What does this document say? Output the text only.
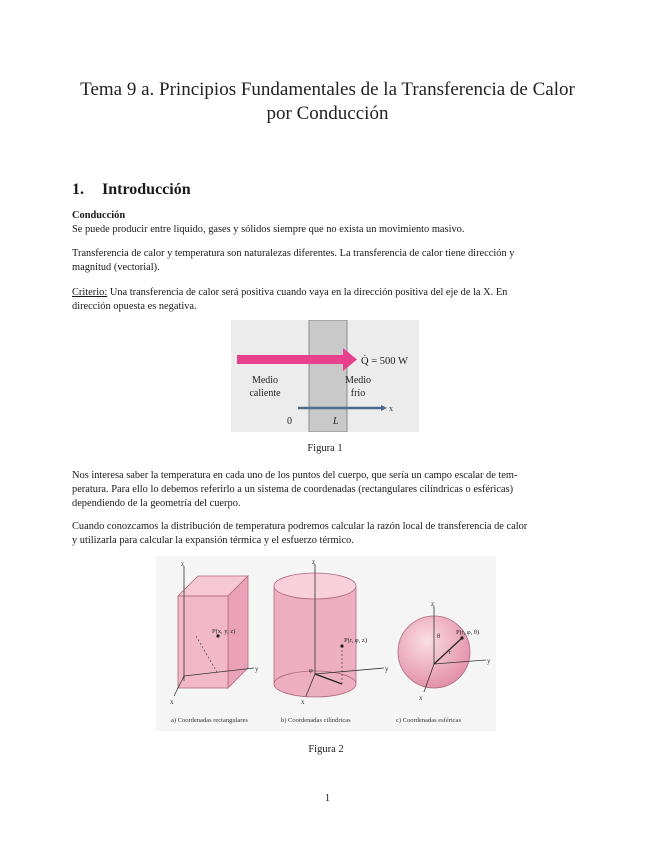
Tema 9 a. Principios Fundamentales de la Transferencia de Calor
por Conducción
1. Introducción
Conducción
Se puede producir entre liquido, gases y sólidos siempre que no exista un movimiento masivo.
Transferencia de calor y temperatura son naturalezas diferentes. La transferencia de calor tiene dirección y
magnitud (vectorial).
Criterio: Una transferencia de calor será positiva cuando vaya en la dirección positiva del eje de la X. En
dirección opuesta es negativa.
Q̇ = 500 W
Medio
caliente
Medio
frío
x
0	L
Figura 1
Nos interesa saber la temperatura en cada uno de los puntos del cuerpo, que sería un campo escalar de tem-
peratura. Para ello lo debemos referirlo a un sistema de coordenadas (rectangulares cilíndricas o esféricas)
dependiendo de la geometría del cuerpo.
Cuando conozcamos la distribución de temperatura podremos calcular la razón local de transferencia de calor
y utilizarla para calcular la expansión térmica y el esfuerzo térmico.
z
y
x
P(x, y, z)
z
y
x
P(r, φ, z)
φ
z
y
x
P(r, φ, θ)
θ
r
a) Coordenadas rectangulares	b) Coordenadas cilíndricas	c) Coordenadas esféricas
Figura 2
1
